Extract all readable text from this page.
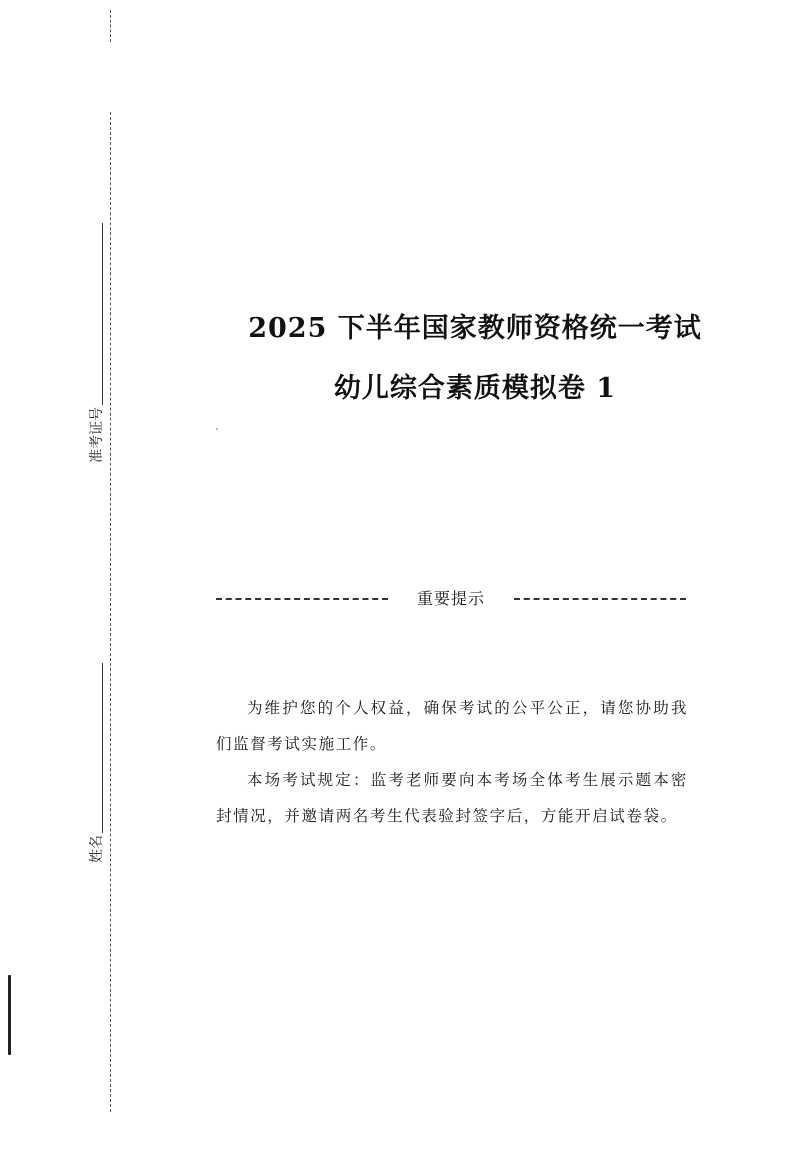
准考证号
姓名
2025 下半年国家教师资格统一考试
幼儿综合素质模拟卷 1
重要提示

为维护您的个人权益，确保考试的公平公正，请您协助我们监督考试实施工作。

本场考试规定：监考老师要向本考场全体考生展示题本密封情况，并邀请两名考生代表验封签字后，方能开启试卷袋。
